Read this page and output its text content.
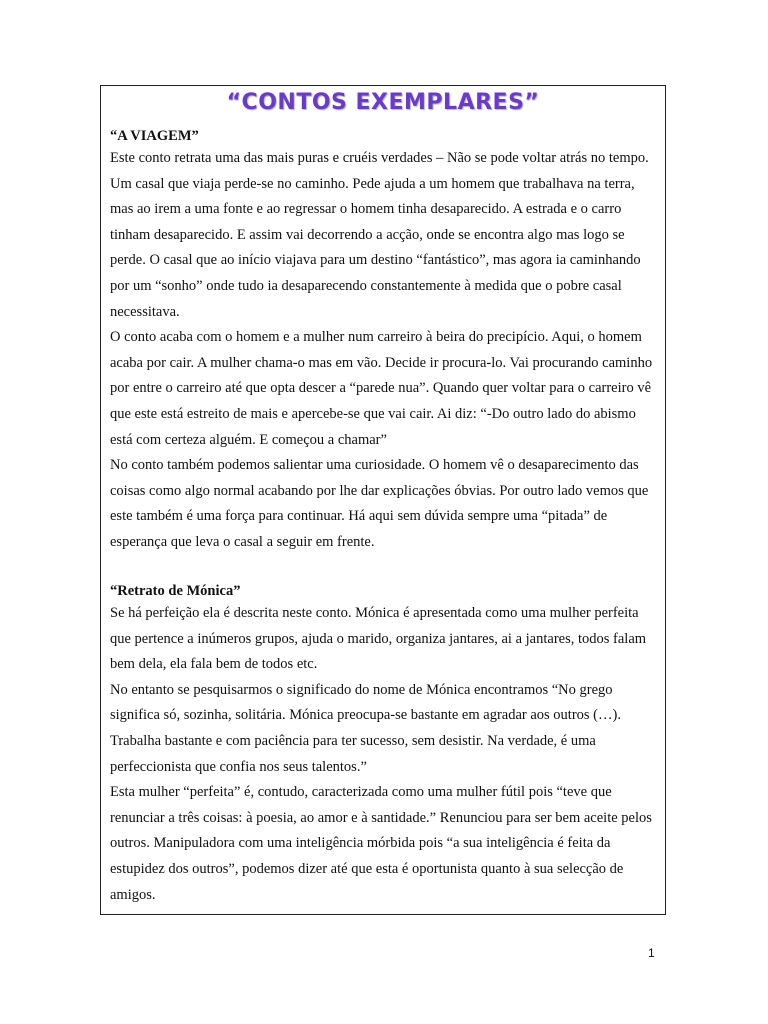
“CONTOS EXEMPLARES”

“A VIAGEM”

Este conto retrata uma das mais puras e cruéis verdades – Não se pode voltar atrás no tempo. Um casal que viaja perde-se no caminho. Pede ajuda a um homem que trabalhava na terra, mas ao irem a uma fonte e ao regressar o homem tinha desaparecido. A estrada e o carro tinham desaparecido. E assim vai decorrendo a acção, onde se encontra algo mas logo se perde. O casal que ao início viajava para um destino “fantástico”, mas agora ia caminhando por um “sonho” onde tudo ia desaparecendo constantemente à medida que o pobre casal necessitava.

O conto acaba com o homem e a mulher num carreiro à beira do precipício. Aqui, o homem acaba por cair. A mulher chama-o mas em vão. Decide ir procura-lo. Vai procurando caminho por entre o carreiro até que opta descer a “parede nua”. Quando quer voltar para o carreiro vê que este está estreito de mais e apercebe-se que vai cair. Ai diz: “-Do outro lado do abismo está com certeza alguém. E começou a chamar”

No conto também podemos salientar uma curiosidade. O homem vê o desaparecimento das coisas como algo normal acabando por lhe dar explicações óbvias. Por outro lado vemos que este também é uma força para continuar. Há aqui sem dúvida sempre uma “pitada” de esperança que leva o casal a seguir em frente.

“Retrato de Mónica”

Se há perfeição ela é descrita neste conto. Mónica é apresentada como uma mulher perfeita que pertence a inúmeros grupos, ajuda o marido, organiza jantares, ai a jantares, todos falam bem dela, ela fala bem de todos etc.

No entanto se pesquisarmos o significado do nome de Mónica encontramos “No grego significa só, sozinha, solitária. Mónica preocupa-se bastante em agradar aos outros (…). Trabalha bastante e com paciência para ter sucesso, sem desistir. Na verdade, é uma perfeccionista que confia nos seus talentos.”

Esta mulher “perfeita” é, contudo, caracterizada como uma mulher fútil pois “teve que renunciar a três coisas: à poesia, ao amor e à santidade.” Renunciou para ser bem aceite pelos outros. Manipuladora com uma inteligência mórbida pois “a sua inteligência é feita da estupidez dos outros”, podemos dizer até que esta é oportunista quanto à sua selecção de amigos.

1
